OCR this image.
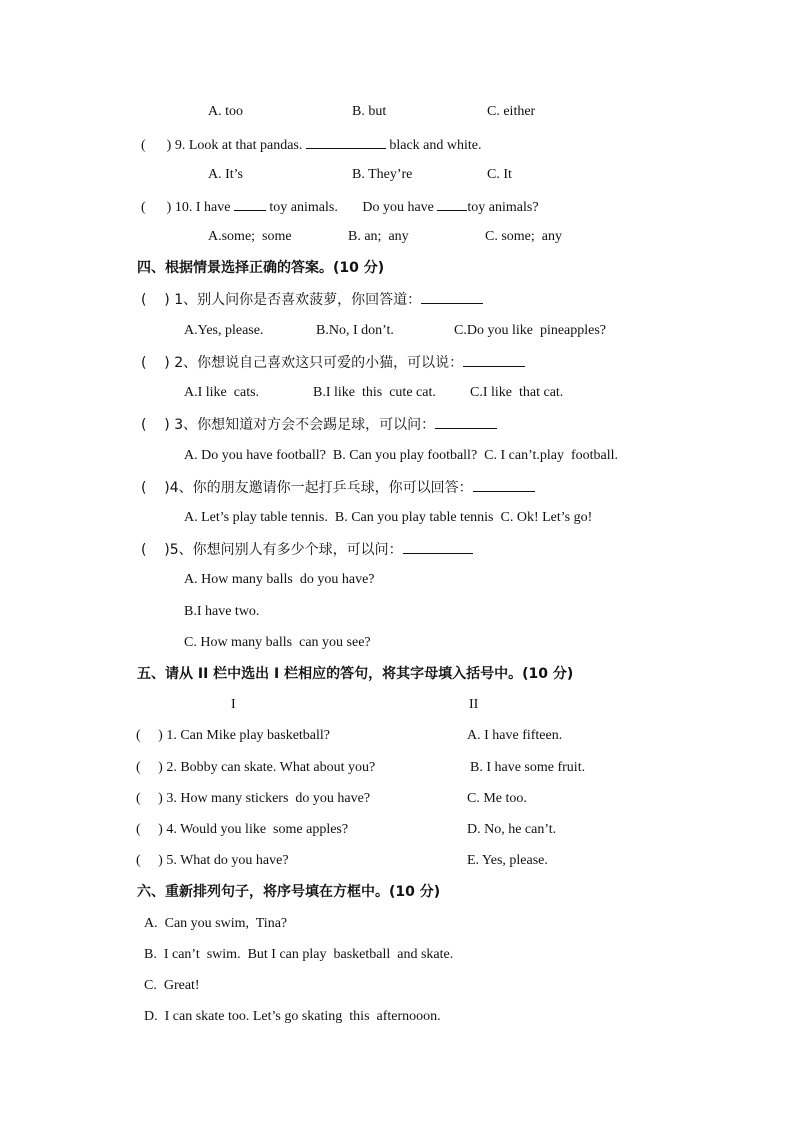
A. too	B. but	C. either
(      ) 9. Look at that pandas.	black and white.
A. It’s	B. They’re	C. It
(      ) 10. I have	toy animals. Do you have toy animals?
A.some;  some	B. an;  any	C. some;  any
四、根据情景选择正确的答案。(10 分)
(    ) 1、别人问你是否喜欢菠萝，你回答道：
A.Yes, please.	B.No, I don’t.	C.Do you like  pineapples?
(    ) 2、你想说自己喜欢这只可爱的小猫，可以说：
A.I like  cats.	B.I like  this  cute cat. C.I like  that cat.
(    ) 3、你想知道对方会不会踢足球，可以问：
A. Do you have football?  B. Can you play football?  C. I can’t.play  football.
(    )4、你的朋友邀请你一起打乒乓球，你可以回答：
A. Let’s play table tennis.  B. Can you play table tennis  C. Ok! Let’s go!
(    )5、你想问别人有多少个球，可以问：
A. How many balls  do you have?
B.I have two.
C. How many balls  can you see?
五、请从 II 栏中选出 I 栏相应的答句，将其字母填入括号中。(10 分)
I	II
(     ) 1. Can Mike play basketball?	A. I have fifteen.
(     ) 2. Bobby can skate. What about you?	B. I have some fruit.
(     ) 3. How many stickers  do you have?	C. Me too.
(     ) 4. Would you like  some apples?	D. No, he can’t.
(     ) 5. What do you have?	E. Yes, please.
六、重新排列句子，将序号填在方框中。(10 分)
A.  Can you swim,  Tina?
B.  I can’t  swim.  But I can play  basketball  and skate.
C.  Great!
D.  I can skate too. Let’s go skating  this  afternooon.
